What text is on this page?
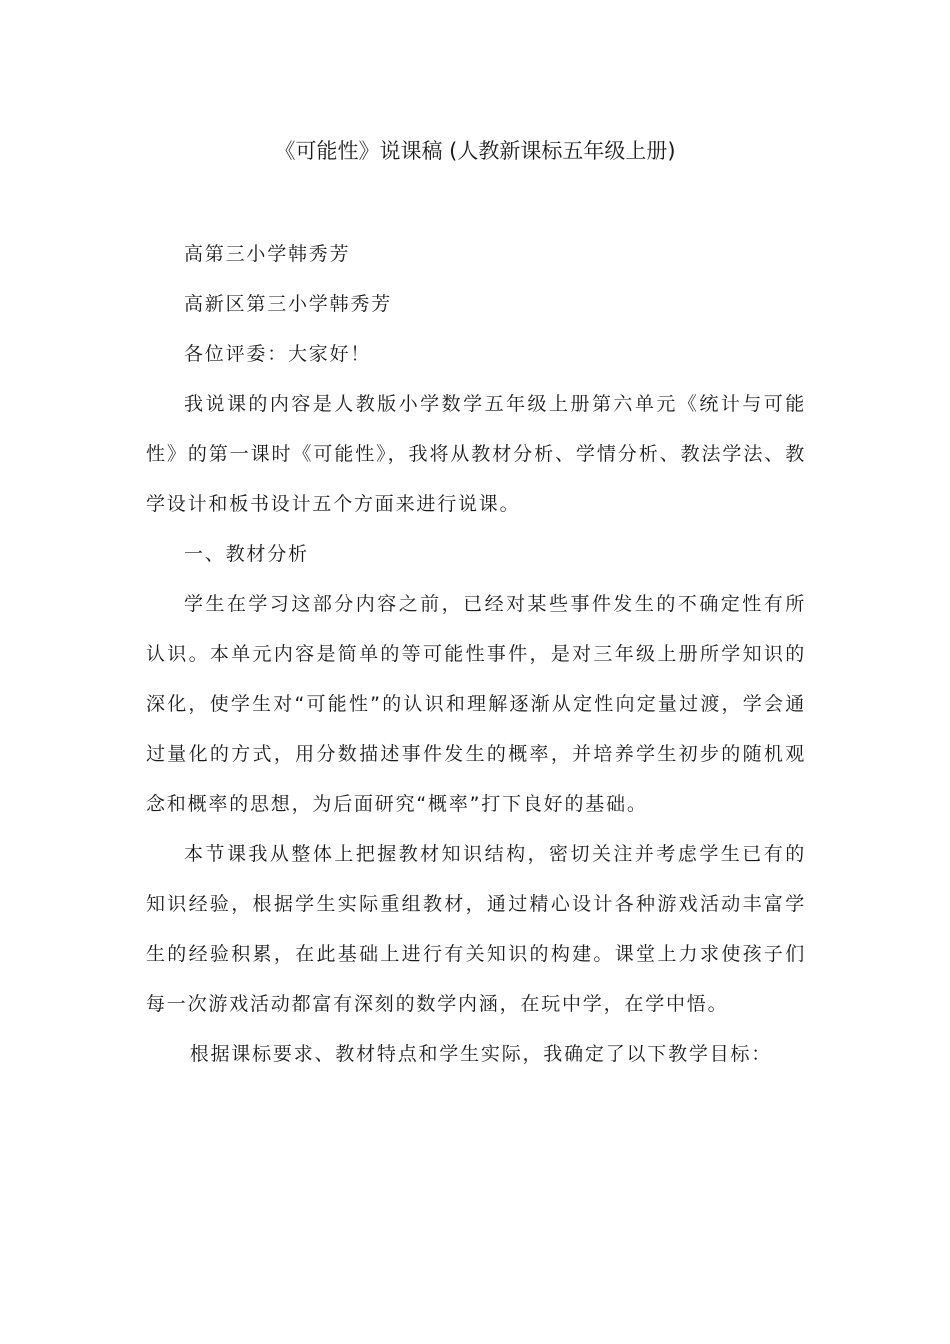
《可能性》说课稿 (人教新课标五年级上册)

高第三小学韩秀芳

高新区第三小学韩秀芳

各位评委：大家好！

我说课的内容是人教版小学数学五年级上册第六单元《统计与可能性》的第一课时《可能性》，我将从教材分析、学情分析、教法学法、教学设计和板书设计五个方面来进行说课。

一、教材分析

学生在学习这部分内容之前，已经对某些事件发生的不确定性有所认识。本单元内容是简单的等可能性事件，是对三年级上册所学知识的深化，使学生对“可能性”的认识和理解逐渐从定性向定量过渡，学会通过量化的方式，用分数描述事件发生的概率，并培养学生初步的随机观念和概率的思想，为后面研究“概率”打下良好的基础。

本节课我从整体上把握教材知识结构，密切关注并考虑学生已有的知识经验，根据学生实际重组教材，通过精心设计各种游戏活动丰富学生的经验积累，在此基础上进行有关知识的构建。课堂上力求使孩子们每一次游戏活动都富有深刻的数学内涵，在玩中学，在学中悟。

根据课标要求、教材特点和学生实际，我确定了以下教学目标：
